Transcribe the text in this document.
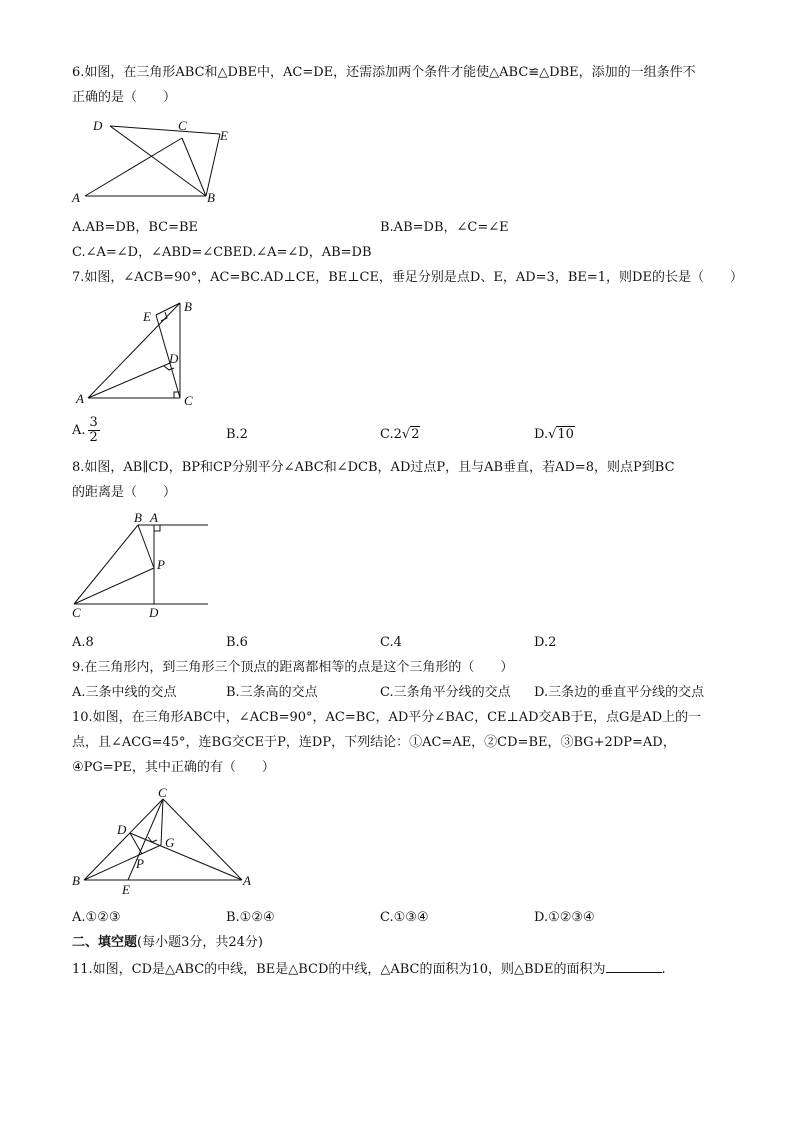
6.如图，在三角形ABC和△DBE中，AC=DE，还需添加两个条件才能使△ABC≌△DBE，添加的一组条件不
正确的是（　　）
D	C
E
A	B
A.AB=DB，BC=BE	B.AB=DB，∠C=∠E
C.∠A=∠D，∠ABD=∠CBED.∠A=∠D，AB=DB
7.如图，∠ACB=90°，AC=BC.AD⊥CE，BE⊥CE，垂足分别是点D、E，AD=3，BE=1，则DE的长是（　　）
E
B
D
A	C
A. $\frac{3}{2}$	B.2	C.2√2	D.√10
8.如图，AB∥CD，BP和CP分别平分∠ABC和∠DCB，AD过点P，且与AB垂直，若AD=8，则点P到BC
的距离是（　　）
B A
P
C	D
A.8	B.6	C.4	D.2
9.在三角形内，到三角形三个顶点的距离都相等的点是这个三角形的（　　）
A.三条中线的交点	B.三条高的交点	C.三条角平分线的交点 D.三条边的垂直平分线的交点
10.如图，在三角形ABC中，∠ACB=90°，AC=BC，AD平分∠BAC，CE⊥AD交AB于E，点G是AD上的一
点，且∠ACG=45°，连BG交CE于P，连DP，下列结论：①AC=AE，②CD=BE，③BG+2DP=AD，
④PG=PE，其中正确的有（　　）
C
D
G
P
B
E
A
A.①②③	B.①②④	C.①③④	D.①②③④
二、填空题(每小题3分，共24分)
11.如图，CD是△ABC的中线，BE是△BCD的中线，△ABC的面积为10，则△BDE的面积为	.
